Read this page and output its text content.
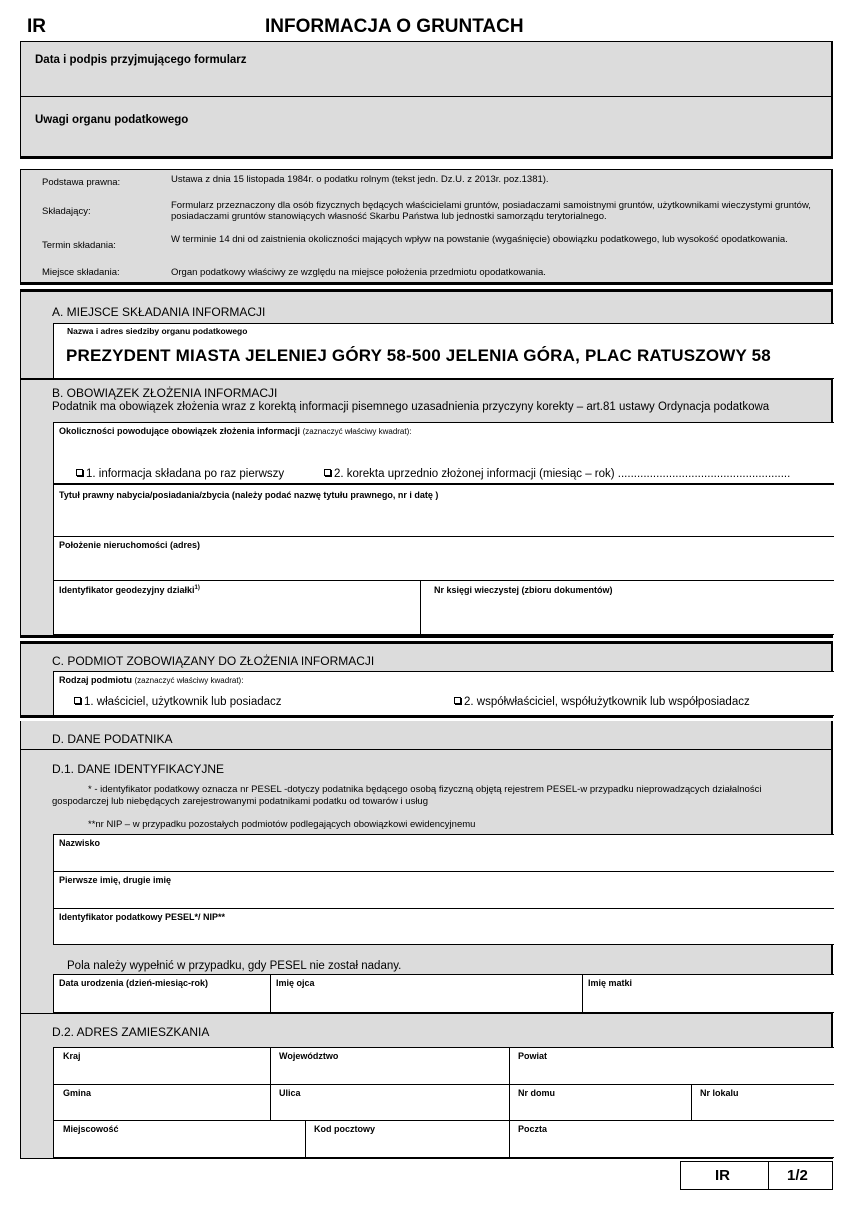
IR	INFORMACJA O GRUNTACH
Data i podpis przyjmującego formularz
Uwagi organu podatkowego
Podstawa prawna:	Ustawa z dnia 15 listopada 1984r. o podatku rolnym (tekst jedn. Dz.U. z 2013r. poz.1381).
Składający:
Formularz przeznaczony dla osób fizycznych będących właścicielami gruntów, posiadaczami samoistnymi gruntów, użytkownikami wieczystymi gruntów, posiadaczami gruntów stanowiących własność Skarbu Państwa lub jednostki samorządu terytorialnego.
Termin składania:
W terminie 14 dni od zaistnienia okoliczności mających wpływ na powstanie (wygaśnięcie) obowiązku podatkowego, lub wysokość opodatkowania.
Miejsce składania:	Organ podatkowy właściwy ze względu na miejsce położenia przedmiotu opodatkowania.
A. MIEJSCE SKŁADANIA INFORMACJI
Nazwa i adres siedziby organu podatkowego
PREZYDENT MIASTA JELENIEJ GÓRY 58-500 JELENIA GÓRA, PLAC RATUSZOWY 58
B. OBOWIĄZEK ZŁOŻENIA INFORMACJI
Podatnik ma obowiązek złożenia wraz z korektą informacji pisemnego uzasadnienia przyczyny korekty – art.81 ustawy Ordynacja podatkowa
Okoliczności powodujące obowiązek złożenia informacji (zaznaczyć właściwy kwadrat):
1. informacja składana po raz pierwszy	2. korekta uprzednio złożonej informacji (miesiąc – rok) ......................................................
Tytuł prawny nabycia/posiadania/zbycia (należy podać nazwę tytułu prawnego, nr i datę )
Położenie nieruchomości (adres)
Identyfikator geodezyjny działki$^{1)}$	Nr księgi wieczystej (zbioru dokumentów)
C. PODMIOT ZOBOWIĄZANY DO ZŁOŻENIA INFORMACJI
Rodzaj podmiotu (zaznaczyć właściwy kwadrat):
1. właściciel, użytkownik lub posiadacz	2. współwłaściciel, współużytkownik lub współposiadacz
D. DANE PODATNIKA
D.1. DANE IDENTYFIKACYJNE
* - identyfikator podatkowy oznacza nr PESEL -dotyczy podatnika będącego osobą fizyczną objętą rejestrem PESEL-w przypadku nieprowadzących działalności gospodarczej lub niebędących zarejestrowanymi podatnikami podatku od towarów i usług
**nr NIP – w przypadku pozostałych podmiotów podlegających obowiązkowi ewidencyjnemu
Nazwisko
Pierwsze imię, drugie imię
Identyfikator podatkowy PESEL*/ NIP**
Pola należy wypełnić w przypadku, gdy PESEL nie został nadany.
Data urodzenia (dzień-miesiąc-rok)	Imię ojca	Imię matki
D.2. ADRES ZAMIESZKANIA
Kraj	Województwo	Powiat
Gmina	Ulica	Nr domu	Nr lokalu
Miejscowość	Kod pocztowy	Poczta
IR	1/2
